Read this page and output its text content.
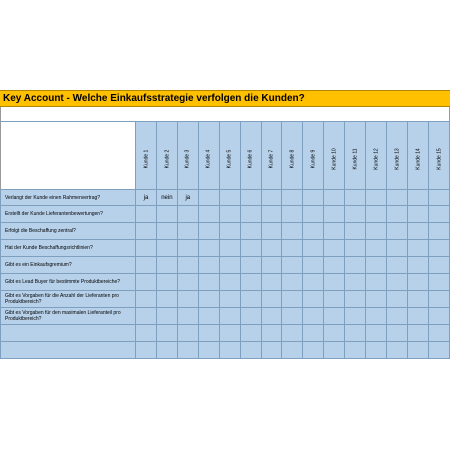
Key Account - Welche Einkaufsstrategie verfolgen die Kunden?
	Kunde 1	Kunde 2	Kunde 3	Kunde 4	Kunde 5	Kunde 6	Kunde 7	Kunde 8	Kunde 9	Kunde 10	Kunde 11	Kunde 12	Kunde 13	Kunde 14	Kunde 15
Verlangt der Kunde einen Rahmenvertrag?	ja	nein	ja												
Erstellt der Kunde Lieferantenbewertungen?															
Erfolgt die Beschaffung zentral?															
Hat der Kunde Beschaffungsrichtlinien?															
Gibt es ein Einkaufsgremium?															
Gibt es Lead Buyer für bestimmte Produktbereiche?															
Gibt es Vorgaben für die Anzahl der Lieferanten pro Produktbereich?															
Gibt es Vorgaben für den maximalen Lieferanteil pro Produktbereich?															
